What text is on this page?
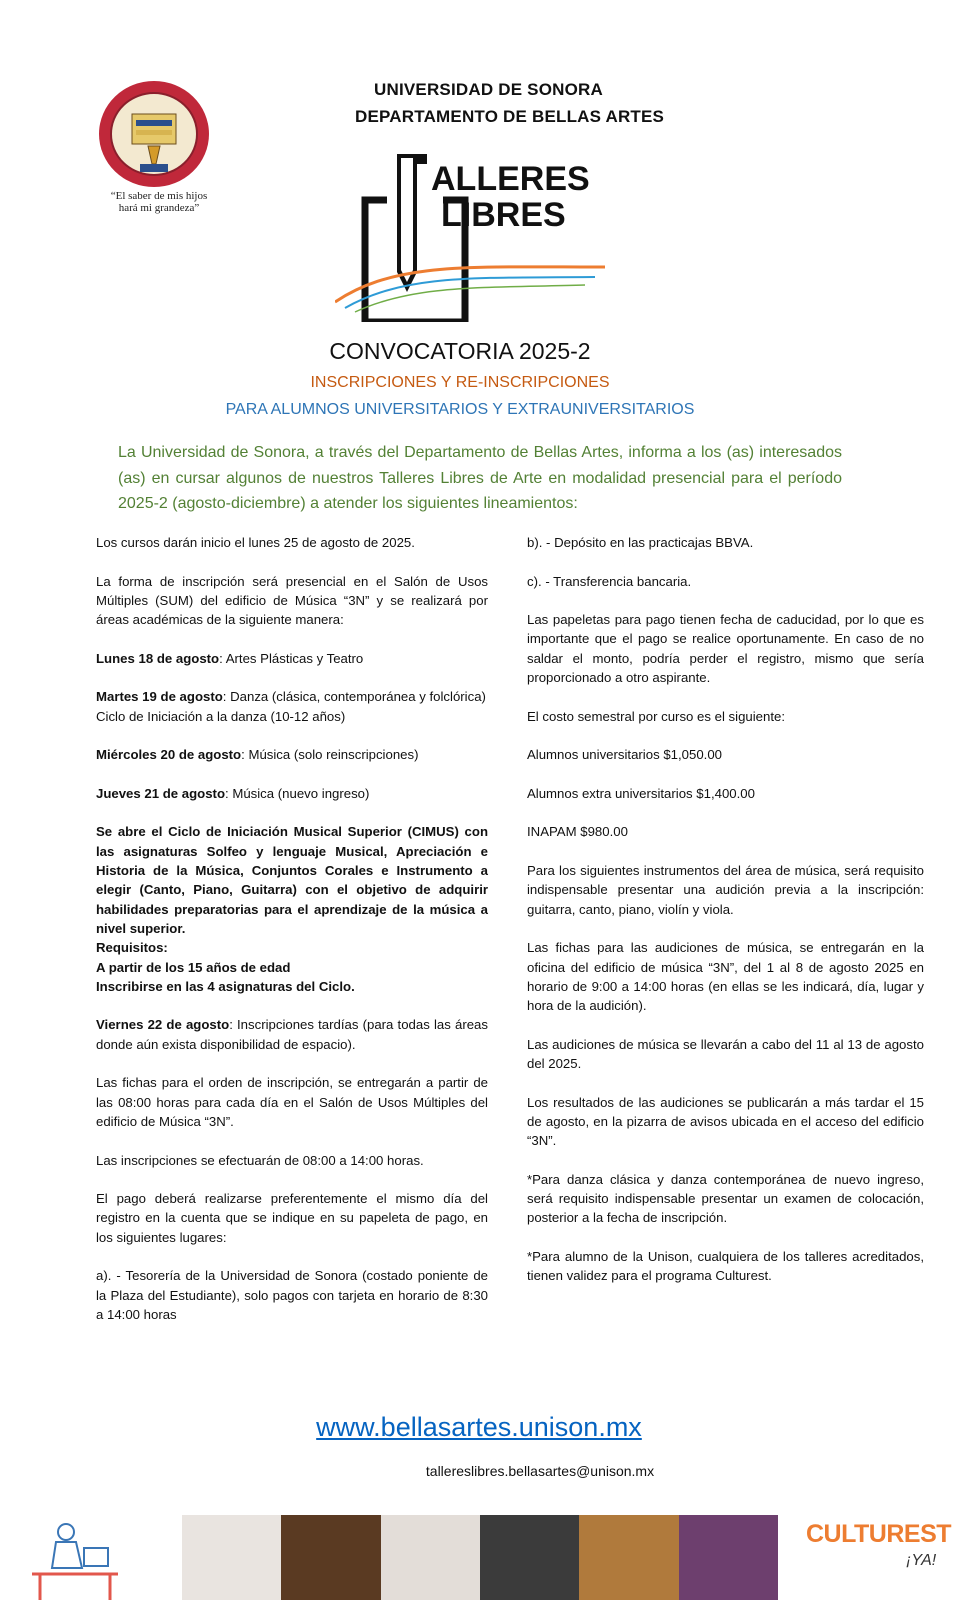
“El saber de mis hijos
hará mi grandeza”
UNIVERSIDAD DE SONORA
DEPARTAMENTO DE BELLAS ARTES
ALLERES
LIBRES
CONVOCATORIA 2025-2
INSCRIPCIONES Y RE-INSCRIPCIONES
PARA ALUMNOS UNIVERSITARIOS Y EXTRAUNIVERSITARIOS
La Universidad de Sonora, a través del Departamento de Bellas Artes, informa a los (as) interesados (as) en cursar algunos de nuestros Talleres Libres de Arte en modalidad presencial para el período 2025-2 (agosto-diciembre) a atender los siguientes lineamientos:

Los cursos darán inicio el lunes 25 de agosto de 2025.

La forma de inscripción será presencial en el Salón de Usos Múltiples (SUM) del edificio de Música “3N” y se realizará por áreas académicas de la siguiente manera:

Lunes 18 de agosto: Artes Plásticas y Teatro

Martes 19 de agosto: Danza (clásica, contemporánea y folclórica)
Ciclo de Iniciación a la danza (10-12 años)

Miércoles 20 de agosto: Música (solo reinscripciones)

Jueves 21 de agosto: Música (nuevo ingreso)

Se abre el Ciclo de Iniciación Musical Superior (CIMUS) con las asignaturas Solfeo y lenguaje Musical, Apreciación e Historia de la Música, Conjuntos Corales e Instrumento a elegir (Canto, Piano, Guitarra) con el objetivo de adquirir habilidades preparatorias para el aprendizaje de la música a nivel superior.
Requisitos:
A partir de los 15 años de edad
Inscribirse en las 4 asignaturas del Ciclo.

Viernes 22 de agosto: Inscripciones tardías (para todas las áreas donde aún exista disponibilidad de espacio).

Las fichas para el orden de inscripción, se entregarán a partir de las 08:00 horas para cada día en el Salón de Usos Múltiples del edificio de Música “3N”.

Las inscripciones se efectuarán de 08:00 a 14:00 horas.

El pago deberá realizarse preferentemente el mismo día del registro en la cuenta que se indique en su papeleta de pago, en los siguientes lugares:

a). - Tesorería de la Universidad de Sonora (costado poniente de la Plaza del Estudiante), solo pagos con tarjeta en horario de 8:30 a 14:00 horas

b). - Depósito en las practicajas BBVA.

c). - Transferencia bancaria.

Las papeletas para pago tienen fecha de caducidad, por lo que es importante que el pago se realice oportunamente. En caso de no saldar el monto, podría perder el registro, mismo que sería proporcionado a otro aspirante.

El costo semestral por curso es el siguiente:

Alumnos universitarios $1,050.00

Alumnos extra universitarios $1,400.00

INAPAM $980.00

Para los siguientes instrumentos del área de música, será requisito indispensable presentar una audición previa a la inscripción: guitarra, canto, piano, violín y viola.

Las fichas para las audiciones de música, se entregarán en la oficina del edificio de música “3N”, del 1 al 8 de agosto 2025 en horario de 9:00 a 14:00 horas (en ellas se les indicará, día, lugar y hora de la audición).

Las audiciones de música se llevarán a cabo del 11 al 13 de agosto del 2025.

Los resultados de las audiciones se publicarán a más tardar el 15 de agosto, en la pizarra de avisos ubicada en el acceso del edificio “3N”.

*Para danza clásica y danza contemporánea de nuevo ingreso, será requisito indispensable presentar un examen de colocación, posterior a la fecha de inscripción.

*Para alumno de la Unison, cualquiera de los talleres acreditados, tienen validez para el programa Culturest.

www.bellasartes.unison.mx
tallereslibres.bellasartes@unison.mx
CULTUREST
¡YA!
